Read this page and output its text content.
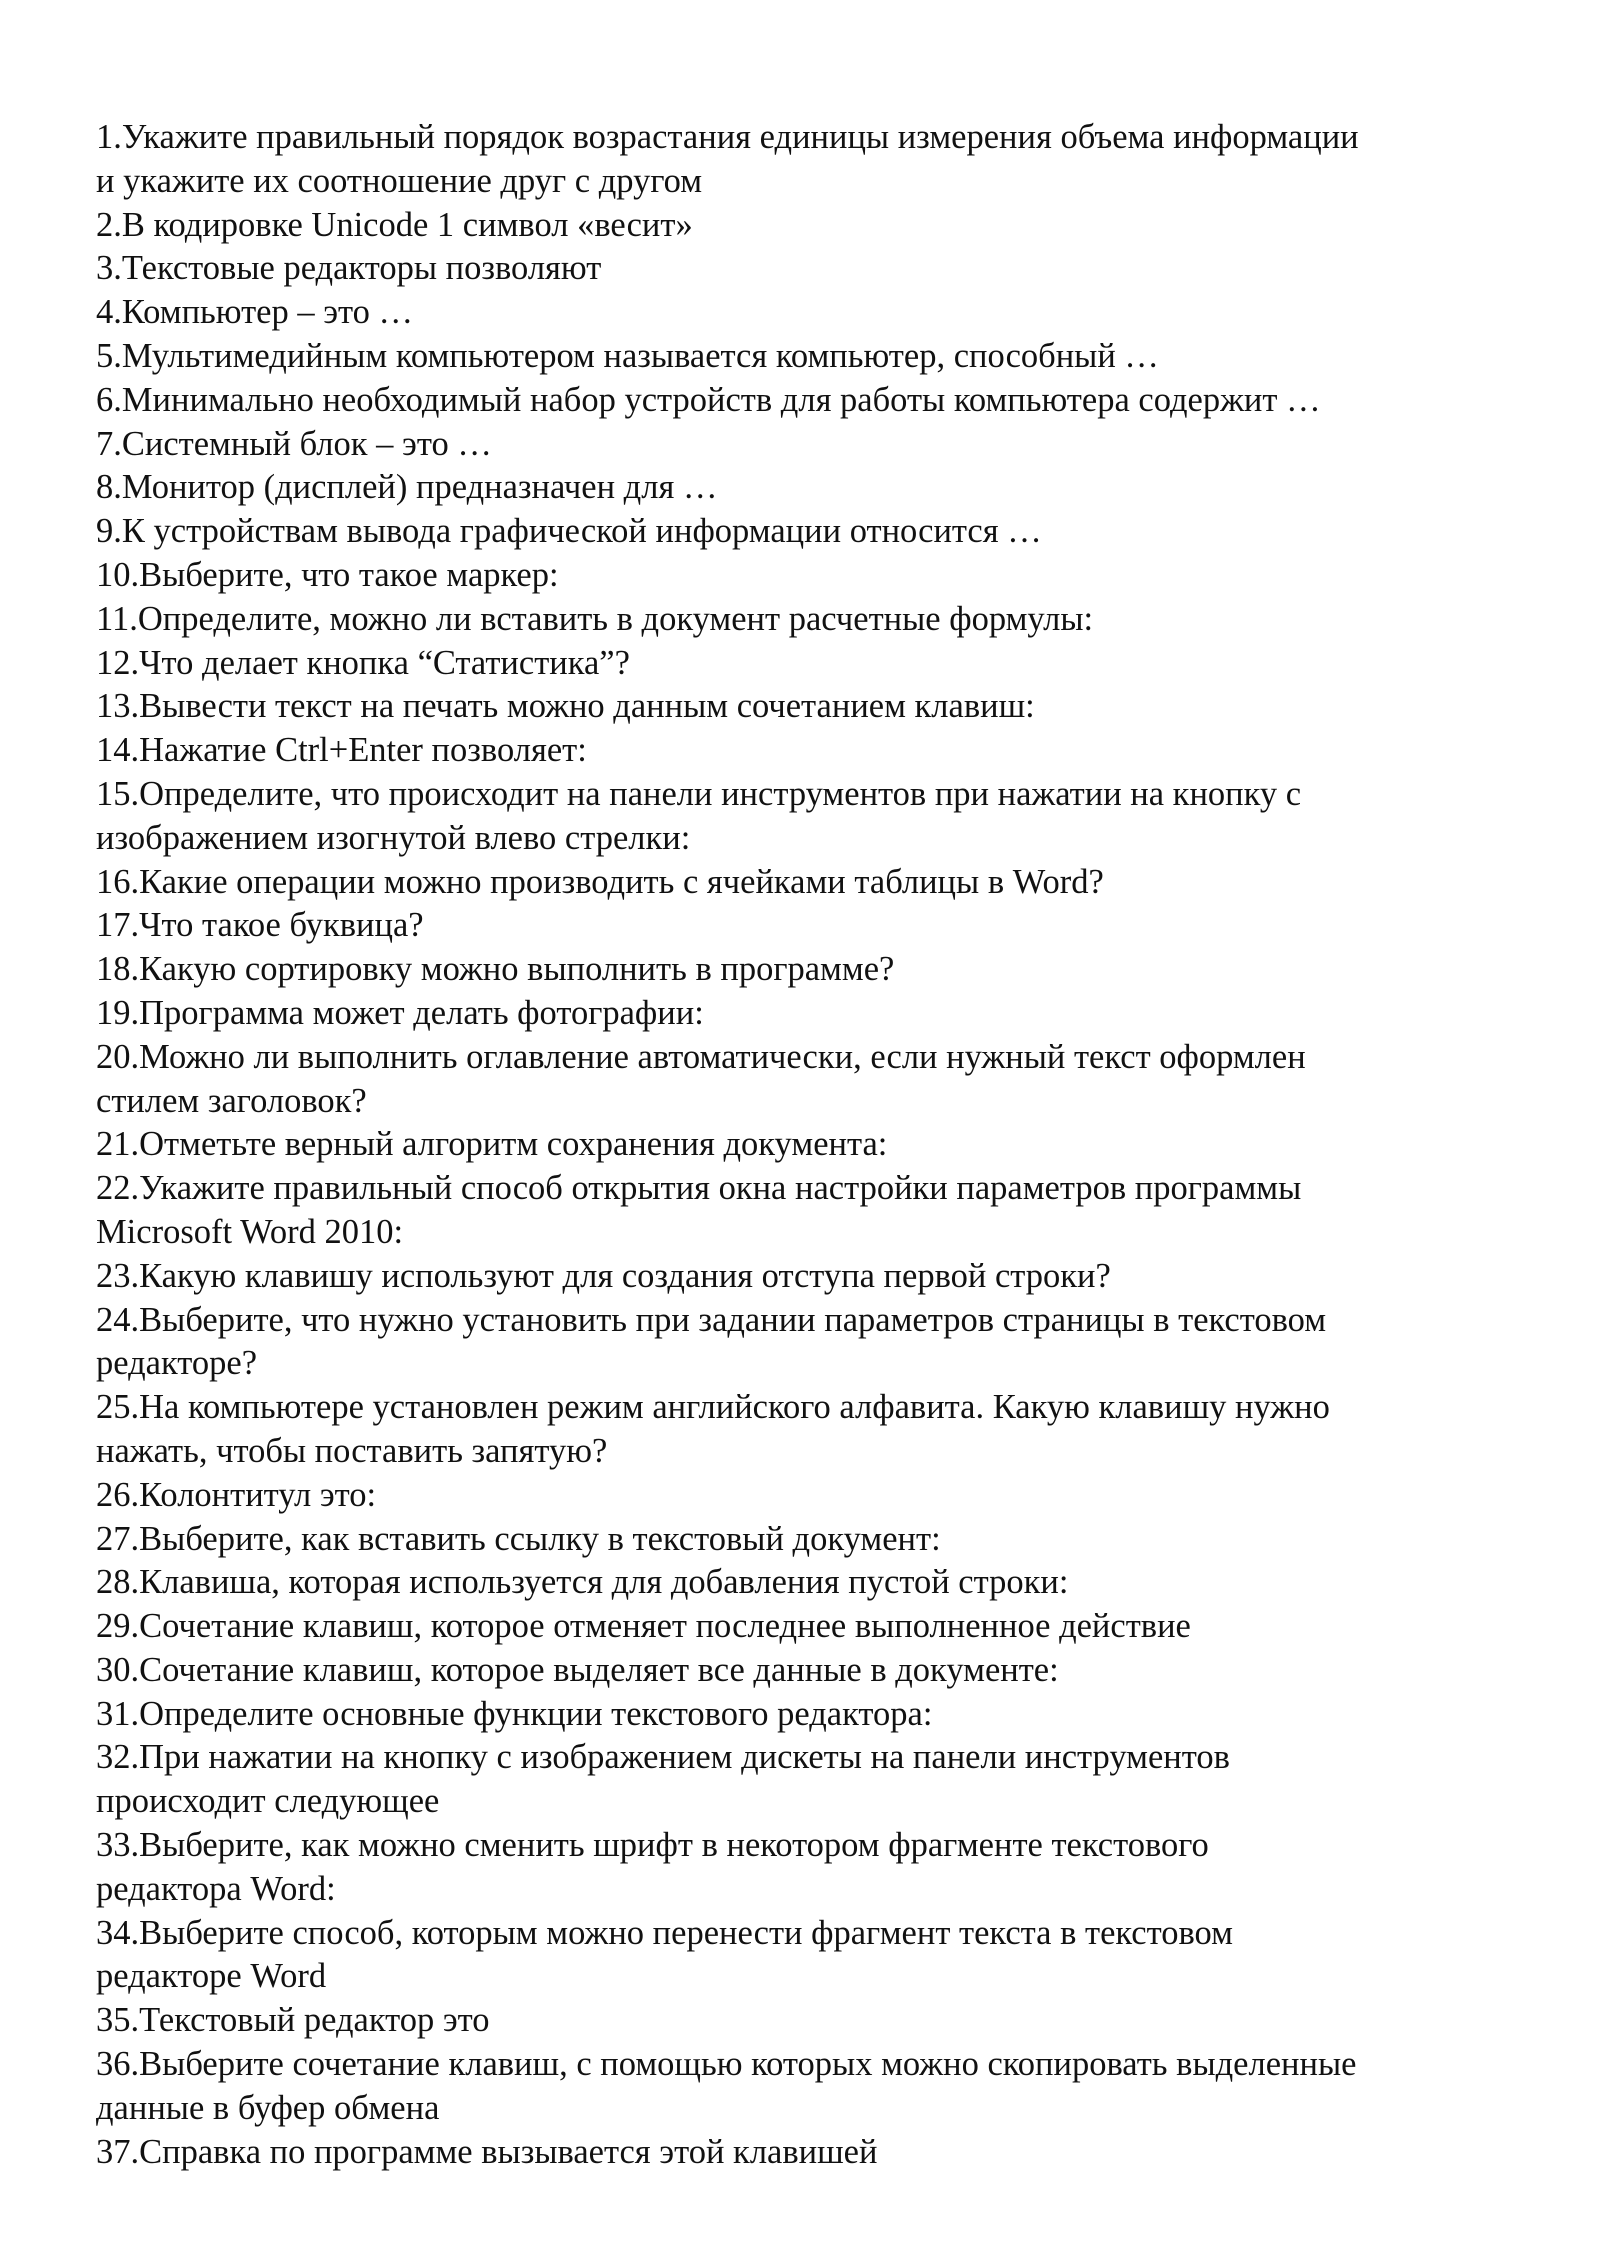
1.Укажите правильный порядок возрастания единицы измерения объема информации
и укажите их соотношение друг с другом
2.В кодировке Unicode 1 символ «весит»
3.Текстовые редакторы позволяют
4.Компьютер – это …
5.Мультимедийным компьютером называется компьютер, способный …
6.Минимально необходимый набор устройств для работы компьютера содержит …
7.Системный блок – это …
8.Монитор (дисплей) предназначен для …
9.К устройствам вывода графической информации относится …
10.Выберите, что такое маркер:
11.Определите, можно ли вставить в документ расчетные формулы:
12.Что делает кнопка “Статистика”?
13.Вывести текст на печать можно данным сочетанием клавиш:
14.Нажатие Ctrl+Enter позволяет:
15.Определите, что происходит на панели инструментов при нажатии на кнопку с
изображением изогнутой влево стрелки:
16.Какие операции можно производить с ячейками таблицы в Word?
17.Что такое буквица?
18.Какую сортировку можно выполнить в программе?
19.Программа может делать фотографии:
20.Можно ли выполнить оглавление автоматически, если нужный текст оформлен
стилем заголовок?
21.Отметьте верный алгоритм сохранения документа:
22.Укажите правильный способ открытия окна настройки параметров программы
Microsoft Word 2010:
23.Какую клавишу используют для создания отступа первой строки?
24.Выберите, что нужно установить при задании параметров страницы в текстовом
редакторе?
25.На компьютере установлен режим английского алфавита. Какую клавишу нужно
нажать, чтобы поставить запятую?
26.Колонтитул это:
27.Выберите, как вставить ссылку в текстовый документ:
28.Клавиша, которая используется для добавления пустой строки:
29.Сочетание клавиш, которое отменяет последнее выполненное действие
30.Сочетание клавиш, которое выделяет все данные в документе:
31.Определите основные функции текстового редактора:
32.При нажатии на кнопку с изображением дискеты на панели инструментов
происходит следующее
33.Выберите, как можно сменить шрифт в некотором фрагменте текстового
редактора Word:
34.Выберите способ, которым можно перенести фрагмент текста в текстовом
редакторе Word
35.Текстовый редактор это
36.Выберите сочетание клавиш, с помощью которых можно скопировать выделенные
данные в буфер обмена
37.Справка по программе вызывается этой клавишей
